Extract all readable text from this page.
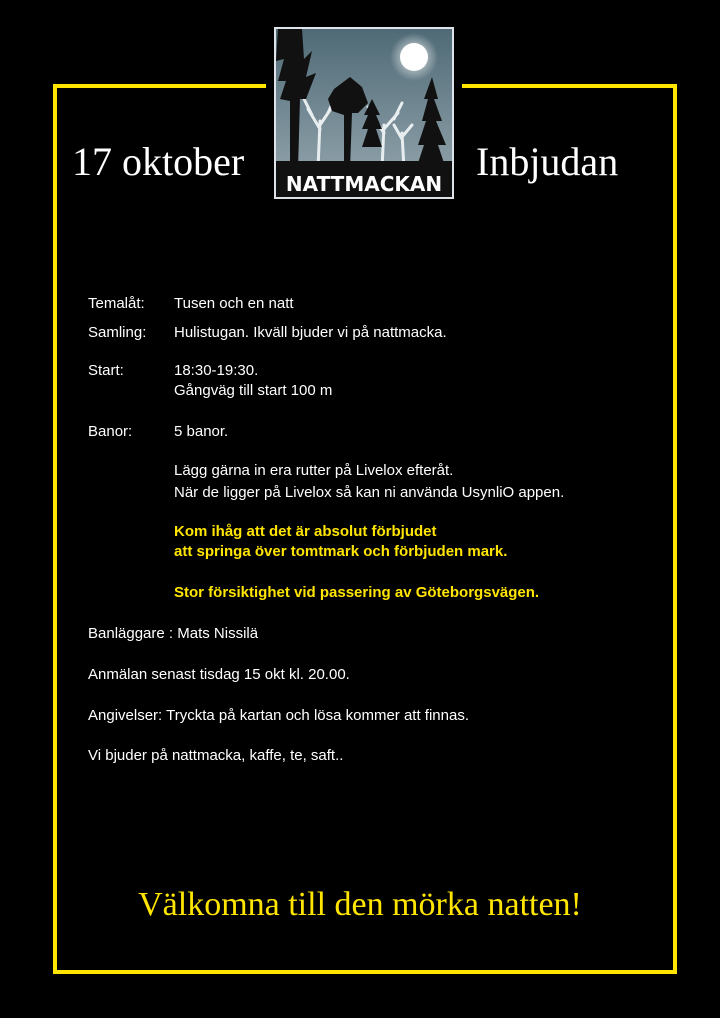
NATTMACKAN
17 oktober	Inbjudan
Temalåt: Tusen och en natt
Samling: Hulistugan. Ikväll bjuder vi på nattmacka.
Start:	18:30-19:30.
Gångväg till start 100 m
Banor:	5 banor.
Lägg gärna in era rutter på Livelox efteråt.
När de ligger på Livelox så kan ni använda UsynliO appen.
Kom ihåg att det är absolut förbjudet
att springa över tomtmark och förbjuden mark.
Stor försiktighet vid passering av Göteborgsvägen.
Banläggare : Mats Nissilä
Anmälan senast tisdag 15 okt kl. 20.00.
Angivelser: Tryckta på kartan och lösa kommer att finnas.
Vi bjuder på nattmacka, kaffe, te, saft..
Välkomna till den mörka natten!
